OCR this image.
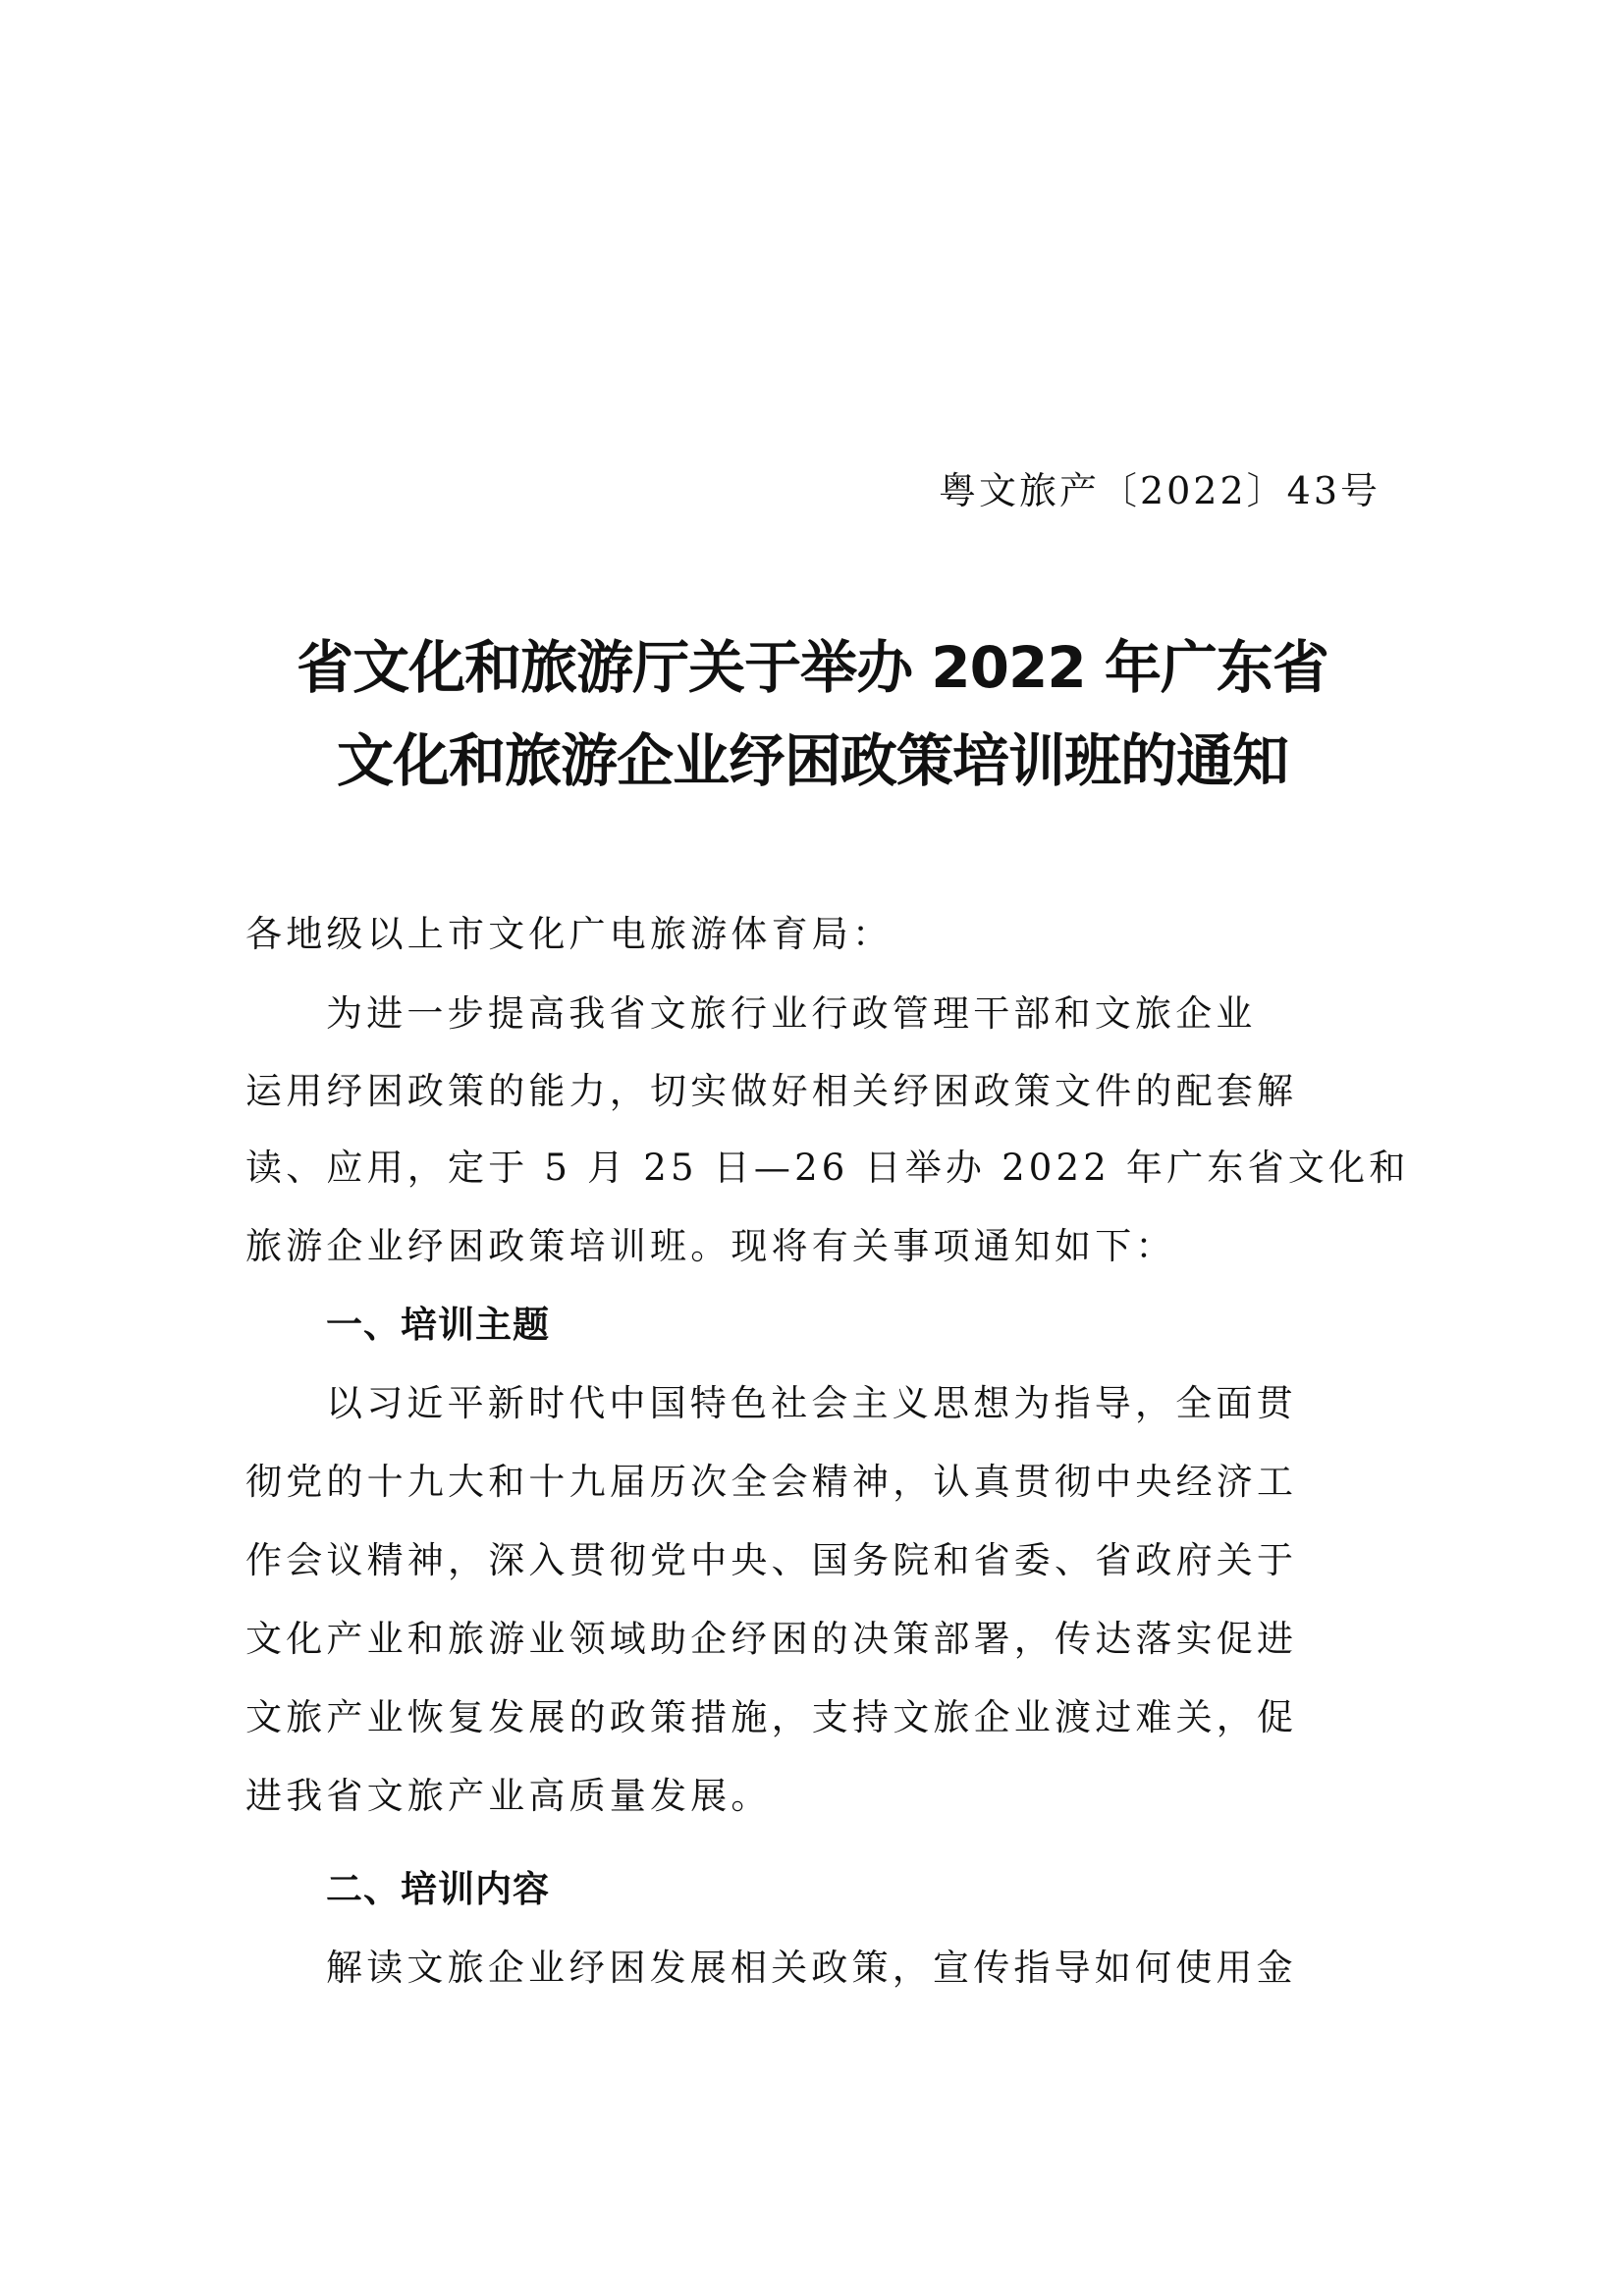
粤文旅产〔2022〕43号
省文化和旅游厅关于举办 2022 年广东省
文化和旅游企业纾困政策培训班的通知
各地级以上市文化广电旅游体育局：
为进一步提高我省文旅行业行政管理干部和文旅企业
运用纾困政策的能力，切实做好相关纾困政策文件的配套解
读、应用，定于 5 月 25 日—26 日举办 2022 年广东省文化和
旅游企业纾困政策培训班。现将有关事项通知如下：
一、培训主题
以习近平新时代中国特色社会主义思想为指导，全面贯
彻党的十九大和十九届历次全会精神，认真贯彻中央经济工
作会议精神，深入贯彻党中央、国务院和省委、省政府关于
文化产业和旅游业领域助企纾困的决策部署，传达落实促进
文旅产业恢复发展的政策措施，支持文旅企业渡过难关，促
进我省文旅产业高质量发展。
二、培训内容
解读文旅企业纾困发展相关政策，宣传指导如何使用金
